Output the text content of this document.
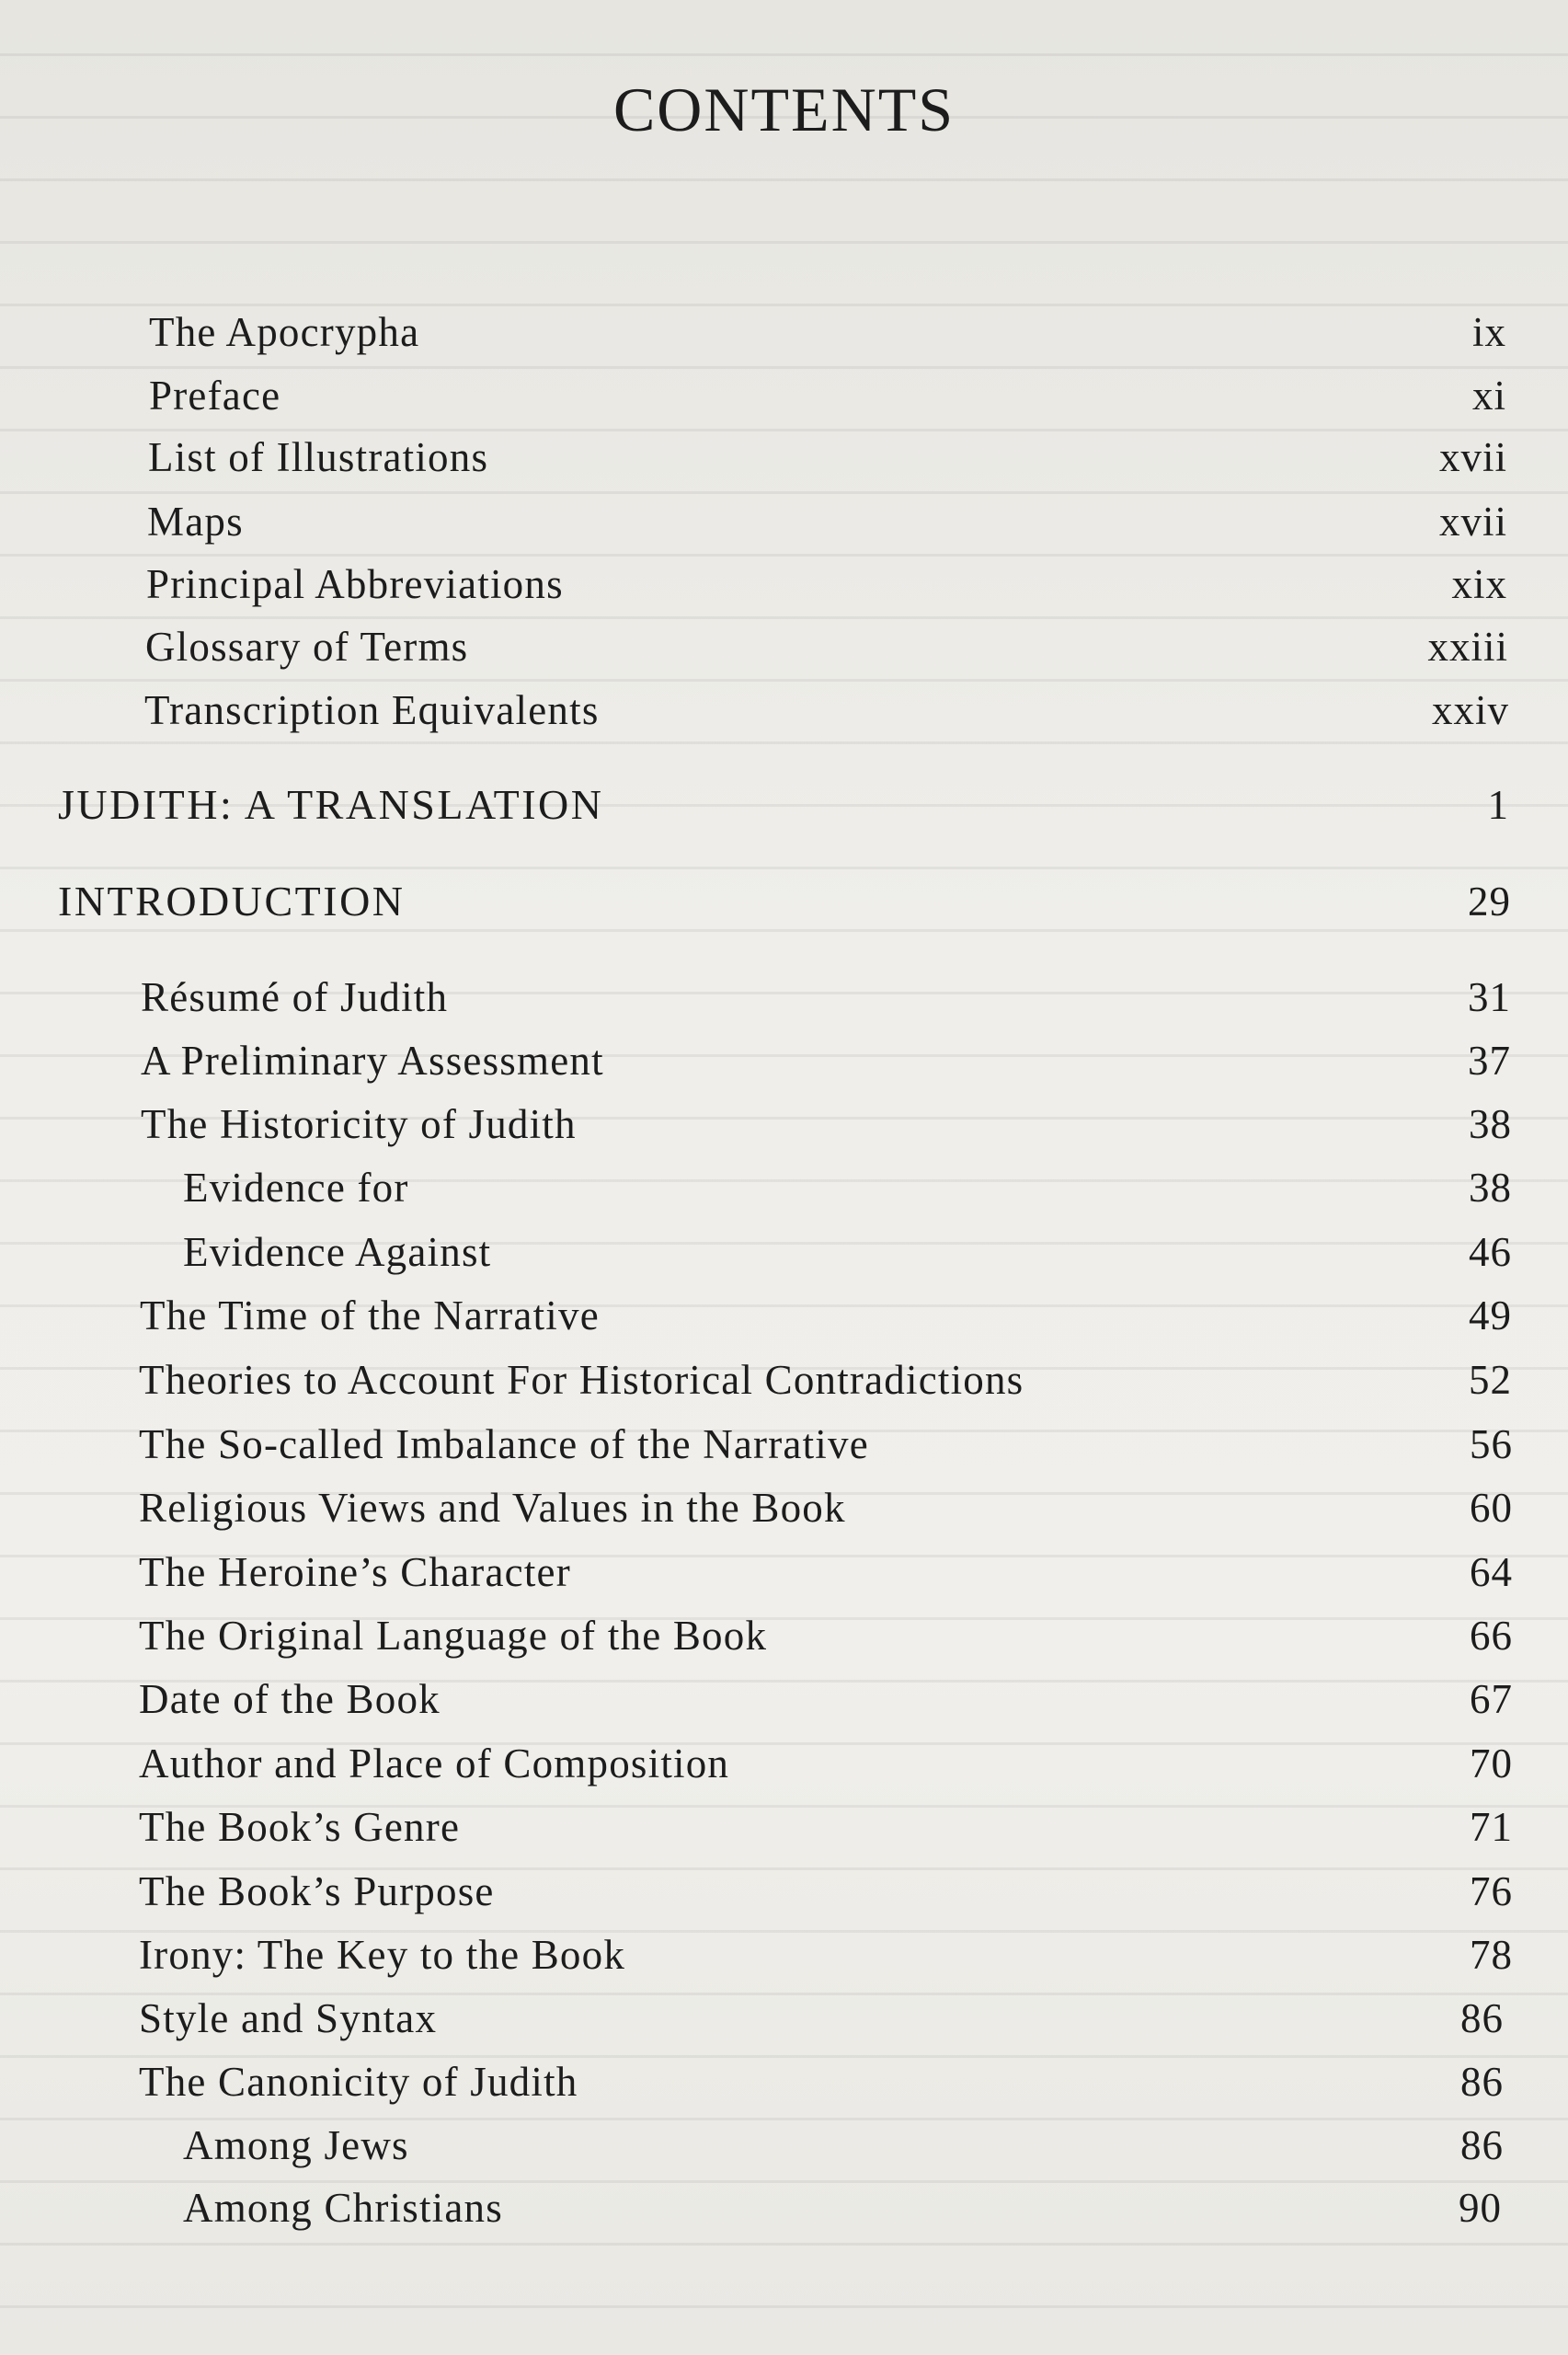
CONTENTS
The Apocrypha	ix
Preface	xi
List of Illustrations	xvii
Maps	xvii
Principal Abbreviations	xix
Glossary of Terms	xxiii
Transcription Equivalents	xxiv
JUDITH: A TRANSLATION	1
INTRODUCTION	29
Résumé of Judith	31
A Preliminary Assessment	37
The Historicity of Judith	38
Evidence for	38
Evidence Against	46
The Time of the Narrative	49
Theories to Account For Historical Contradictions	52
The So-called Imbalance of the Narrative	56
Religious Views and Values in the Book	60
The Heroine’s Character	64
The Original Language of the Book	66
Date of the Book	67
Author and Place of Composition	70
The Book’s Genre	71
The Book’s Purpose	76
Irony: The Key to the Book	78
Style and Syntax	86
The Canonicity of Judith	86
Among Jews	86
Among Christians	90
